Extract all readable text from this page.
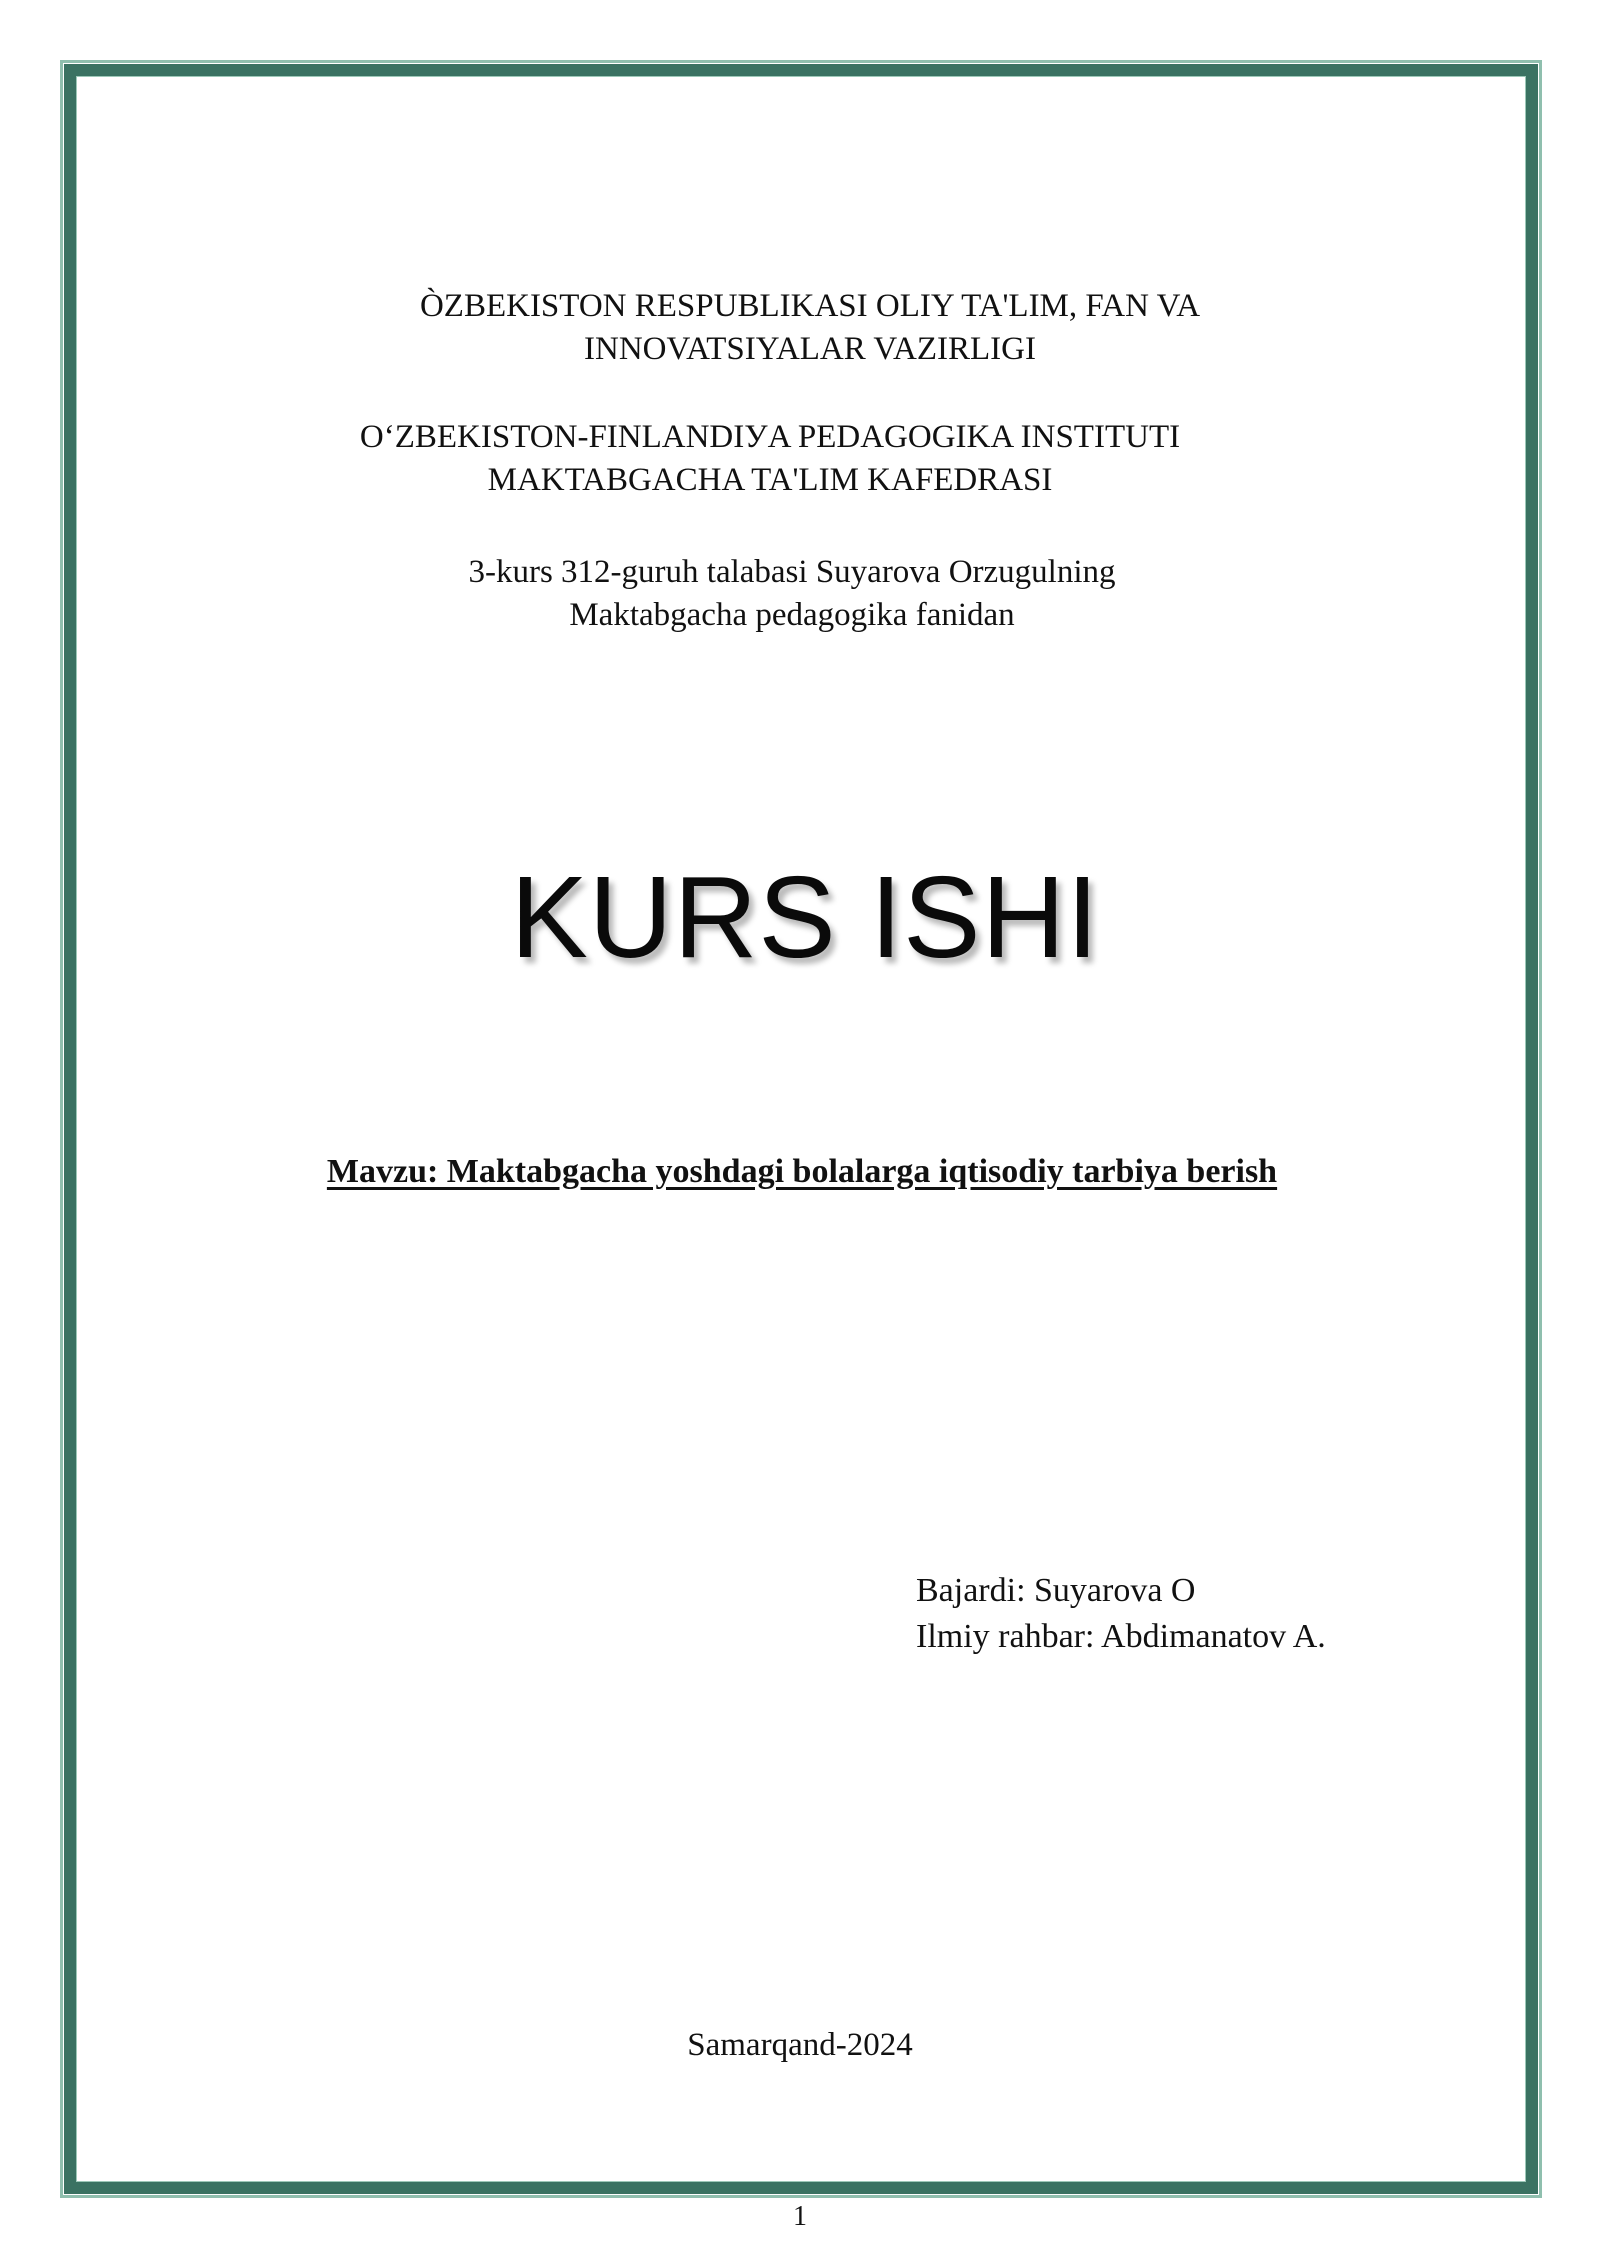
ÒZBEKISTON RESPUBLIKASI OLIY TA'LIM, FAN VA
INNOVATSIYALAR VAZIRLIGI
O‘ZBEKISTON-FINLANDIУA PEDAGOGIKA INSTITUTI
MAKTABGACHA TA'LIM KAFEDRASI
3-kurs 312-guruh talabasi Suyarova Orzugulning
Maktabgacha pedagogika fanidan
KURS ISHI
Mavzu: Maktabgacha yoshdagi bolalarga iqtisodiy tarbiya berish
Bajardi: Suyarova O
Ilmiy rahbar: Abdimanatov A.
Samarqand-2024
1
